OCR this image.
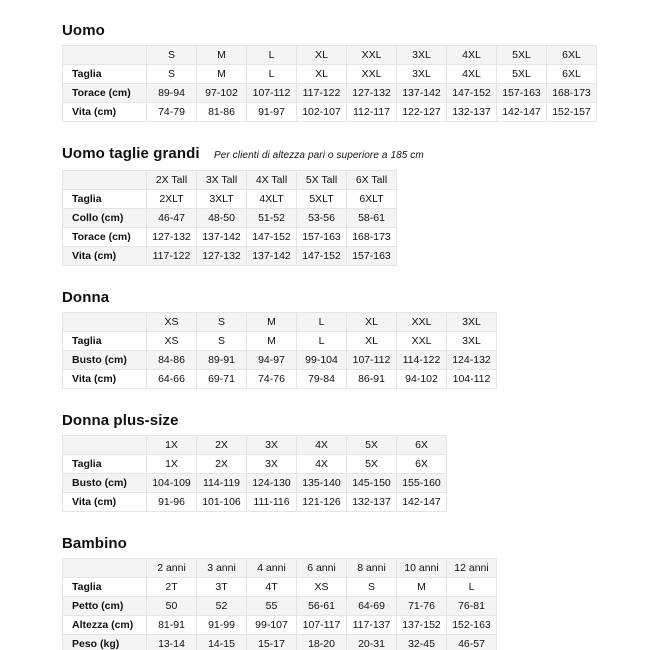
Uomo
	S	M	L	XL	XXL	3XL	4XL	5XL	6XL
Taglia	S	M	L	XL	XXL	3XL	4XL	5XL	6XL
Torace (cm)	89-94	97-102	107-112	117-122	127-132	137-142	147-152	157-163	168-173
Vita (cm)	74-79	81-86	91-97	102-107	112-117	122-127	132-137	142-147	152-157
Uomo taglie grandi Per clienti di altezza pari o superiore a 185 cm
	2X Tall	3X Tall	4X Tall	5X Tall	6X Tall
Taglia	2XLT	3XLT	4XLT	5XLT	6XLT
Collo (cm)	46-47	48-50	51-52	53-56	58-61
Torace (cm)	127-132	137-142	147-152	157-163	168-173
Vita (cm)	117-122	127-132	137-142	147-152	157-163
Donna
	XS	S	M	L	XL	XXL	3XL
Taglia	XS	S	M	L	XL	XXL	3XL
Busto (cm)	84-86	89-91	94-97	99-104	107-112	114-122	124-132
Vita (cm)	64-66	69-71	74-76	79-84	86-91	94-102	104-112
Donna plus-size
	1X	2X	3X	4X	5X	6X
Taglia	1X	2X	3X	4X	5X	6X
Busto (cm)	104-109	114-119	124-130	135-140	145-150	155-160
Vita (cm)	91-96	101-106	111-116	121-126	132-137	142-147
Bambino
	2 anni	3 anni	4 anni	6 anni	8 anni	10 anni	12 anni
Taglia	2T	3T	4T	XS	S	M	L
Petto (cm)	50	52	55	56-61	64-69	71-76	76-81
Altezza (cm)	81-91	91-99	99-107	107-117	117-137	137-152	152-163
Peso (kg)	13-14	14-15	15-17	18-20	20-31	32-45	46-57
